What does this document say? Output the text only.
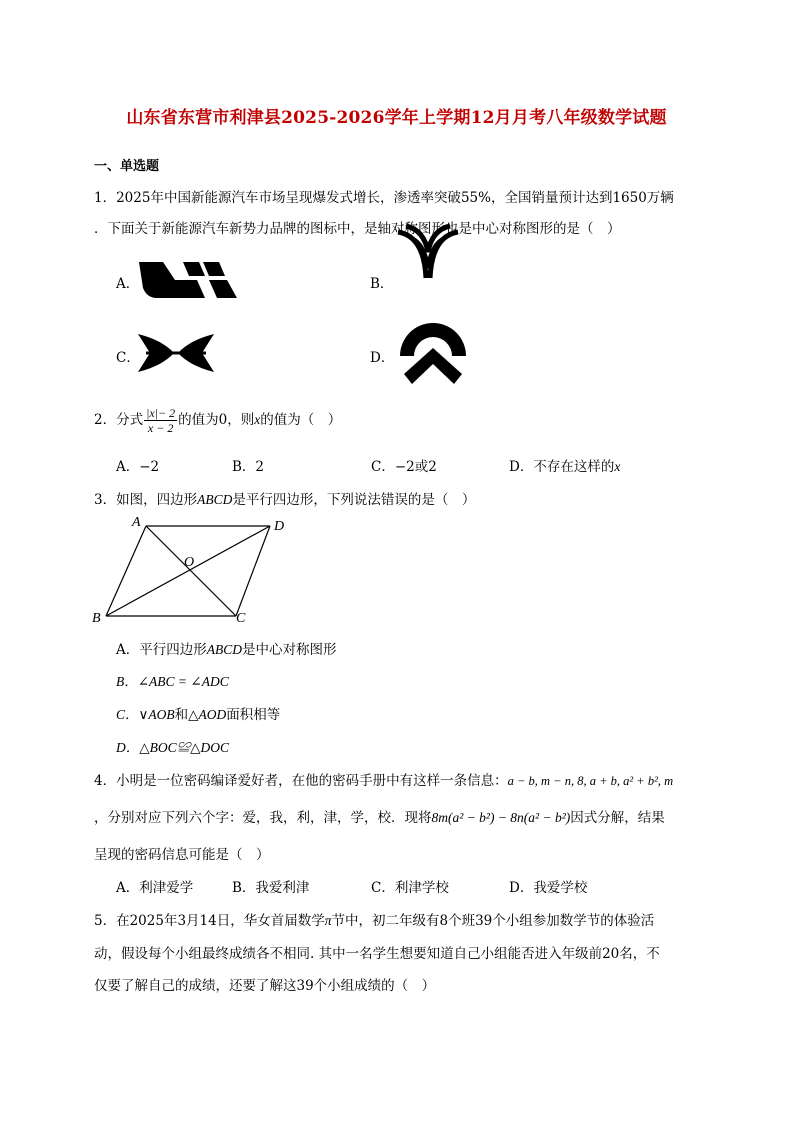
山东省东营市利津县2025-2026学年上学期12月月考八年级数学试题
一、单选题
1．2025年中国新能源汽车市场呈现爆发式增长，渗透率突破55%，全国销量预计达到1650万辆
．下面关于新能源汽车新势力品牌的图标中，是轴对称图形也是中心对称图形的是（　）
A．	B．
C．	D．
2．分式 $\frac{|x|- 2}{x - 2}$ 的值为0，则x的值为（　）
A．−2	B．2	C．−2或2	D．不存在这样的x
3．如图，四边形ABCD是平行四边形，下列说法错误的是（　）
A	D
B	C
O
A．平行四边形ABCD是中心对称图形
B．∠ABC = ∠ADC
C．∨AOB和△AOD面积相等
D．△BOC≌△DOC
4．小明是一位密码编译爱好者，在他的密码手册中有这样一条信息：a − b, m − n, 8, a + b, a² + b², m
，分别对应下列六个字：爱，我，利，津，学，校．现将8m(a² − b²) − 8n(a² − b²)因式分解，结果
呈现的密码信息可能是（　）
A．利津爱学	B．我爱利津	C．利津学校	D．我爱学校
5．在2025年3月14日，华女首届数学π节中，初二年级有8个班39个小组参加数学节的体验活
动，假设每个小组最终成绩各不相同. 其中一名学生想要知道自己小组能否进入年级前20名，不
仅要了解自己的成绩，还要了解这39个小组成绩的（　）
